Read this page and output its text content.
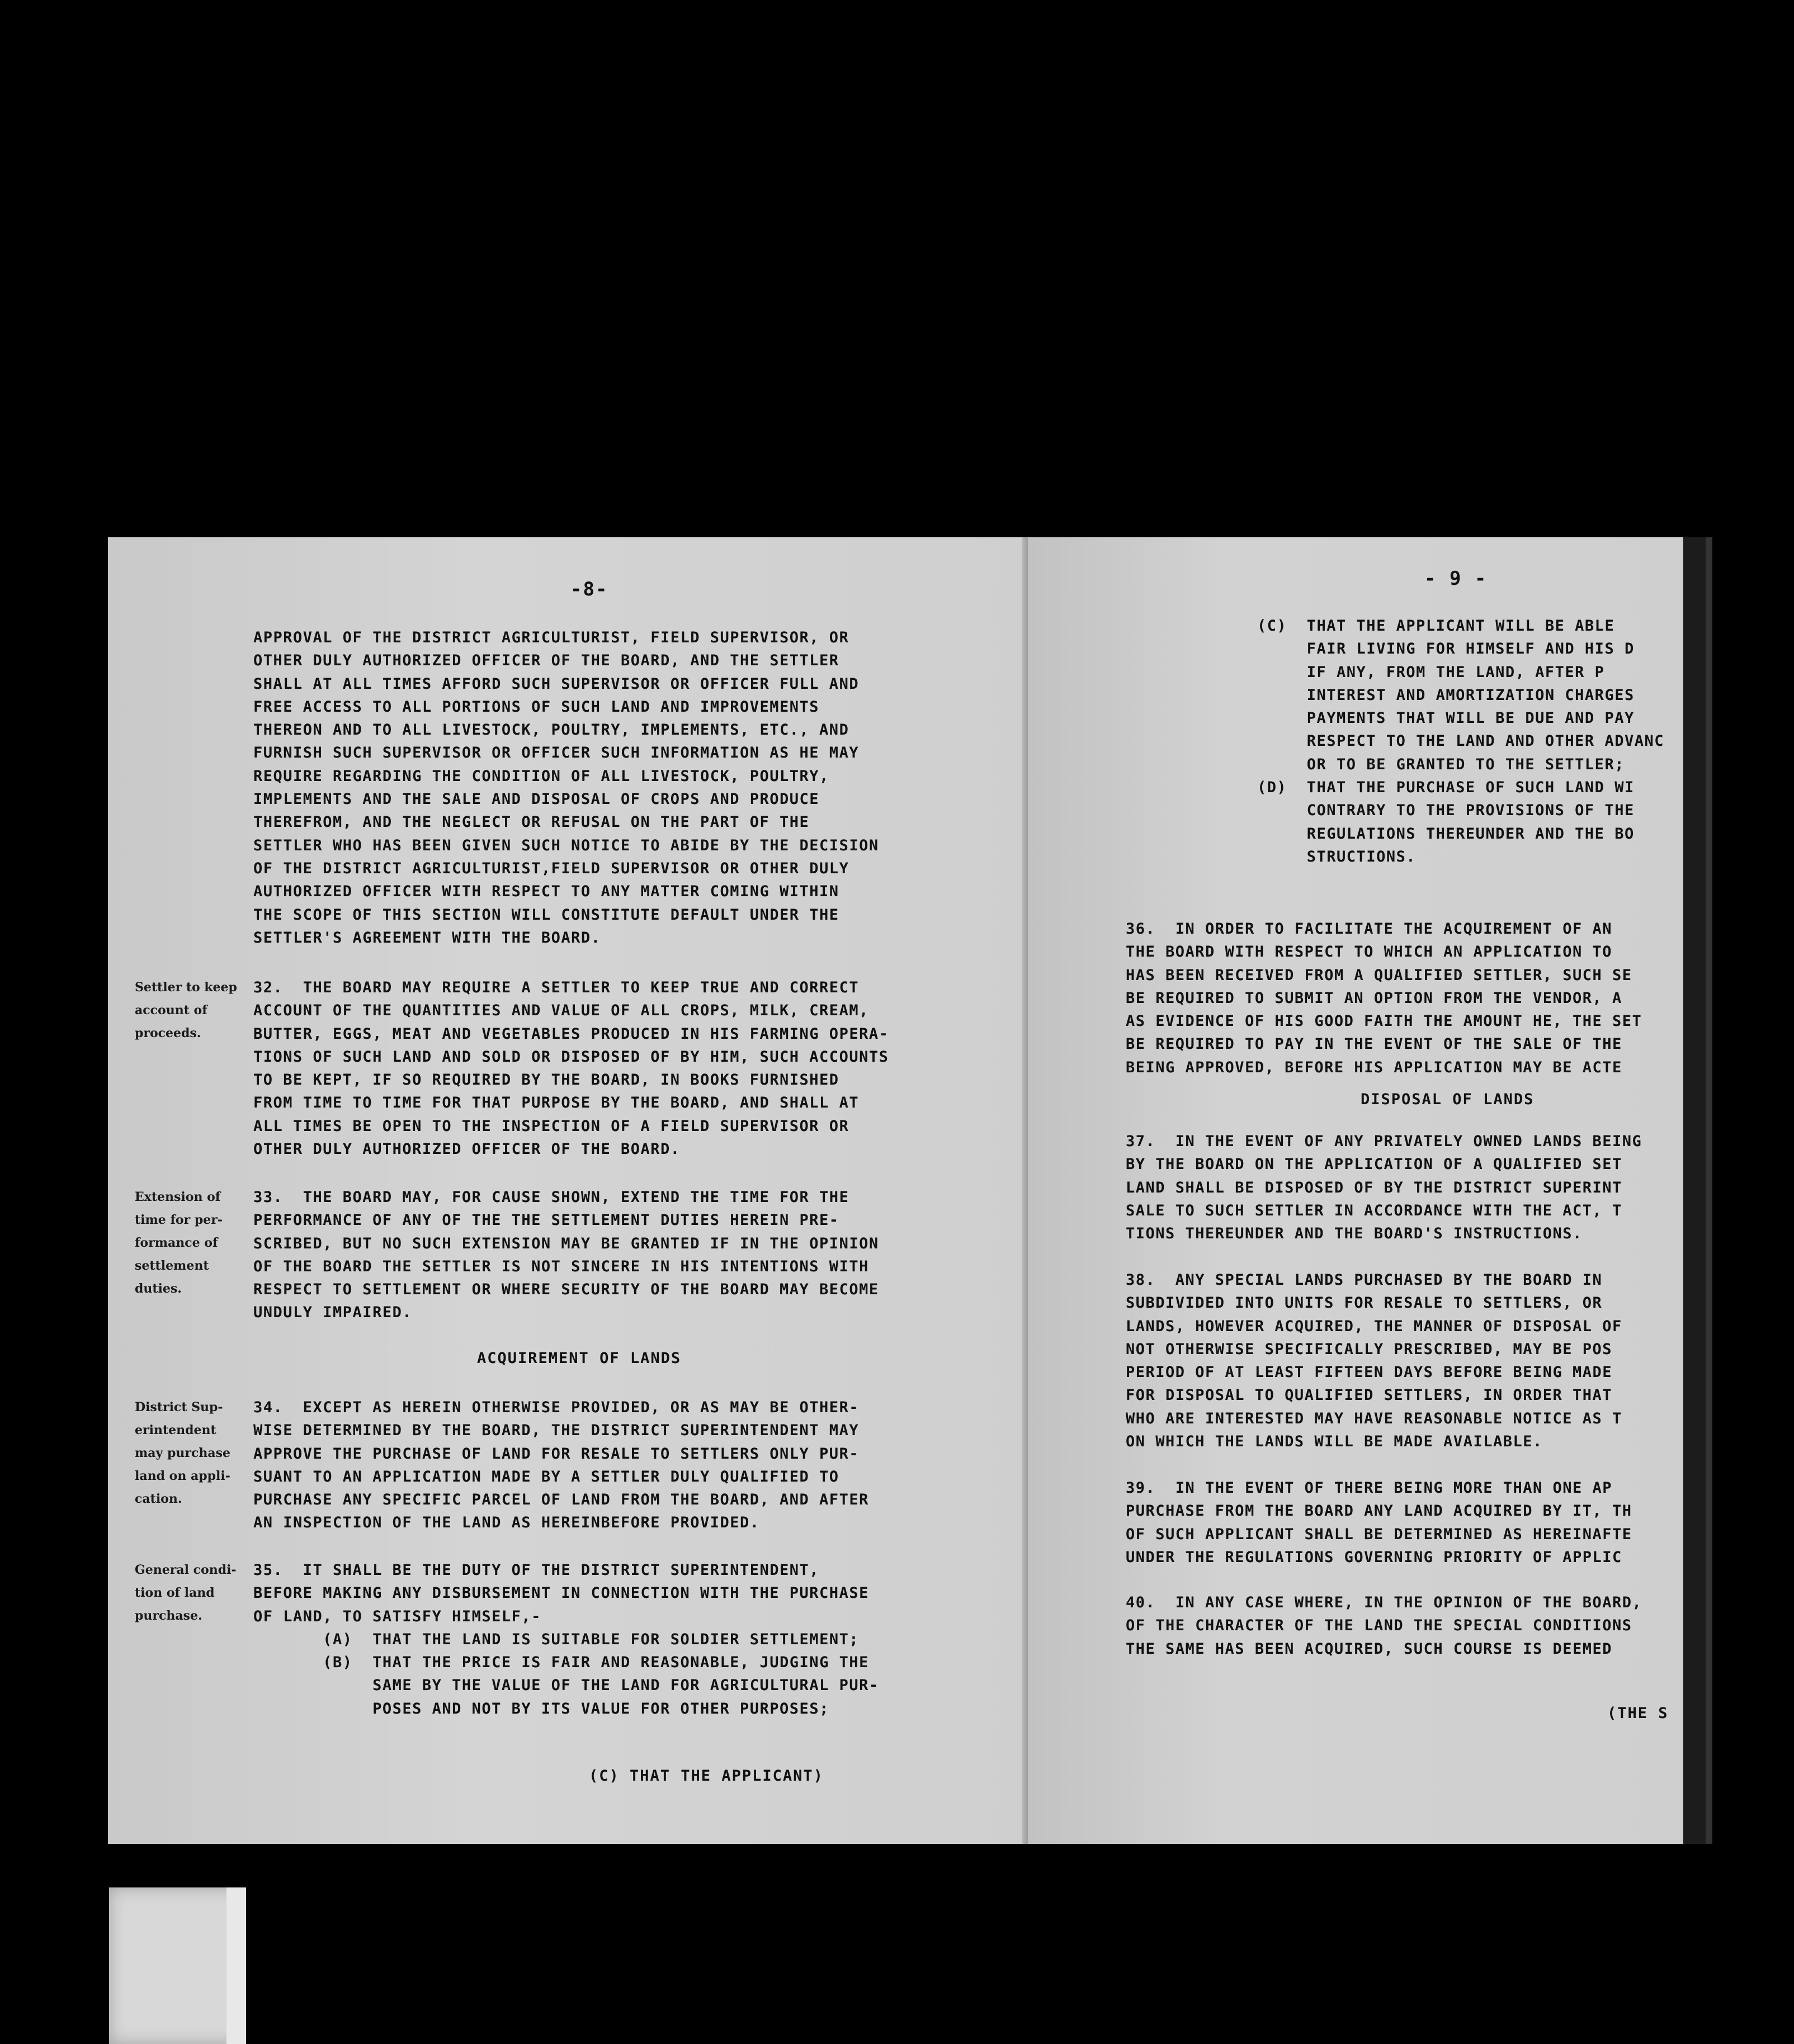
-8-
APPROVAL OF THE DISTRICT AGRICULTURIST, FIELD SUPERVISOR, OR
OTHER DULY AUTHORIZED OFFICER OF THE BOARD, AND THE SETTLER
SHALL AT ALL TIMES AFFORD SUCH SUPERVISOR OR OFFICER FULL AND
FREE ACCESS TO ALL PORTIONS OF SUCH LAND AND IMPROVEMENTS
THEREON AND TO ALL LIVESTOCK, POULTRY, IMPLEMENTS, ETC., AND
FURNISH SUCH SUPERVISOR OR OFFICER SUCH INFORMATION AS HE MAY
REQUIRE REGARDING THE CONDITION OF ALL LIVESTOCK, POULTRY,
IMPLEMENTS AND THE SALE AND DISPOSAL OF CROPS AND PRODUCE
THEREFROM, AND THE NEGLECT OR REFUSAL ON THE PART OF THE
SETTLER WHO HAS BEEN GIVEN SUCH NOTICE TO ABIDE BY THE DECISION
OF THE DISTRICT AGRICULTURIST,FIELD SUPERVISOR OR OTHER DULY
AUTHORIZED OFFICER WITH RESPECT TO ANY MATTER COMING WITHIN
THE SCOPE OF THIS SECTION WILL CONSTITUTE DEFAULT UNDER THE
SETTLER'S AGREEMENT WITH THE BOARD.
Settler to keep
account of
proceeds.
32.  THE BOARD MAY REQUIRE A SETTLER TO KEEP TRUE AND CORRECT
ACCOUNT OF THE QUANTITIES AND VALUE OF ALL CROPS, MILK, CREAM,
BUTTER, EGGS, MEAT AND VEGETABLES PRODUCED IN HIS FARMING OPERA-
TIONS OF SUCH LAND AND SOLD OR DISPOSED OF BY HIM, SUCH ACCOUNTS
TO BE KEPT, IF SO REQUIRED BY THE BOARD, IN BOOKS FURNISHED
FROM TIME TO TIME FOR THAT PURPOSE BY THE BOARD, AND SHALL AT
ALL TIMES BE OPEN TO THE INSPECTION OF A FIELD SUPERVISOR OR
OTHER DULY AUTHORIZED OFFICER OF THE BOARD.
Extension of
time for per-
formance of
settlement
duties.
33.  THE BOARD MAY, FOR CAUSE SHOWN, EXTEND THE TIME FOR THE
PERFORMANCE OF ANY OF THE THE SETTLEMENT DUTIES HEREIN PRE-
SCRIBED, BUT NO SUCH EXTENSION MAY BE GRANTED IF IN THE OPINION
OF THE BOARD THE SETTLER IS NOT SINCERE IN HIS INTENTIONS WITH
RESPECT TO SETTLEMENT OR WHERE SECURITY OF THE BOARD MAY BECOME
UNDULY IMPAIRED.
ACQUIREMENT OF LANDS
District Sup-
erintendent
may purchase
land on appli-
cation.
34.  EXCEPT AS HEREIN OTHERWISE PROVIDED, OR AS MAY BE OTHER-
WISE DETERMINED BY THE BOARD, THE DISTRICT SUPERINTENDENT MAY
APPROVE THE PURCHASE OF LAND FOR RESALE TO SETTLERS ONLY PUR-
SUANT TO AN APPLICATION MADE BY A SETTLER DULY QUALIFIED TO
PURCHASE ANY SPECIFIC PARCEL OF LAND FROM THE BOARD, AND AFTER
AN INSPECTION OF THE LAND AS HEREINBEFORE PROVIDED.
General condi-
tion of land
purchase.
35.  IT SHALL BE THE DUTY OF THE DISTRICT SUPERINTENDENT,
BEFORE MAKING ANY DISBURSEMENT IN CONNECTION WITH THE PURCHASE
OF LAND, TO SATISFY HIMSELF,-
(A)  THAT THE LAND IS SUITABLE FOR SOLDIER SETTLEMENT;
(B)  THAT THE PRICE IS FAIR AND REASONABLE, JUDGING THE
SAME BY THE VALUE OF THE LAND FOR AGRICULTURAL PUR-
POSES AND NOT BY ITS VALUE FOR OTHER PURPOSES;
(C) THAT THE APPLICANT)
- 9 -
(C)  THAT THE APPLICANT WILL BE ABLE
FAIR LIVING FOR HIMSELF AND HIS D
IF ANY, FROM THE LAND, AFTER P
INTEREST AND AMORTIZATION CHARGES
PAYMENTS THAT WILL BE DUE AND PAY
RESPECT TO THE LAND AND OTHER ADVANC
OR TO BE GRANTED TO THE SETTLER;
(D)  THAT THE PURCHASE OF SUCH LAND WI
CONTRARY TO THE PROVISIONS OF THE
REGULATIONS THEREUNDER AND THE BO
STRUCTIONS.
36.  IN ORDER TO FACILITATE THE ACQUIREMENT OF AN
THE BOARD WITH RESPECT TO WHICH AN APPLICATION TO
HAS BEEN RECEIVED FROM A QUALIFIED SETTLER, SUCH SE
BE REQUIRED TO SUBMIT AN OPTION FROM THE VENDOR, A
AS EVIDENCE OF HIS GOOD FAITH THE AMOUNT HE, THE SET
BE REQUIRED TO PAY IN THE EVENT OF THE SALE OF THE
BEING APPROVED, BEFORE HIS APPLICATION MAY BE ACTE
DISPOSAL OF LANDS
37.  IN THE EVENT OF ANY PRIVATELY OWNED LANDS BEING
BY THE BOARD ON THE APPLICATION OF A QUALIFIED SET
LAND SHALL BE DISPOSED OF BY THE DISTRICT SUPERINT
SALE TO SUCH SETTLER IN ACCORDANCE WITH THE ACT, T
TIONS THEREUNDER AND THE BOARD'S INSTRUCTIONS.
38.  ANY SPECIAL LANDS PURCHASED BY THE BOARD IN
SUBDIVIDED INTO UNITS FOR RESALE TO SETTLERS, OR
LANDS, HOWEVER ACQUIRED, THE MANNER OF DISPOSAL OF
NOT OTHERWISE SPECIFICALLY PRESCRIBED, MAY BE POS
PERIOD OF AT LEAST FIFTEEN DAYS BEFORE BEING MADE
FOR DISPOSAL TO QUALIFIED SETTLERS, IN ORDER THAT
WHO ARE INTERESTED MAY HAVE REASONABLE NOTICE AS T
ON WHICH THE LANDS WILL BE MADE AVAILABLE.
39.  IN THE EVENT OF THERE BEING MORE THAN ONE AP
PURCHASE FROM THE BOARD ANY LAND ACQUIRED BY IT, TH
OF SUCH APPLICANT SHALL BE DETERMINED AS HEREINAFTE
UNDER THE REGULATIONS GOVERNING PRIORITY OF APPLIC
40.  IN ANY CASE WHERE, IN THE OPINION OF THE BOARD,
OF THE CHARACTER OF THE LAND THE SPECIAL CONDITIONS
THE SAME HAS BEEN ACQUIRED, SUCH COURSE IS DEEMED
(THE S
